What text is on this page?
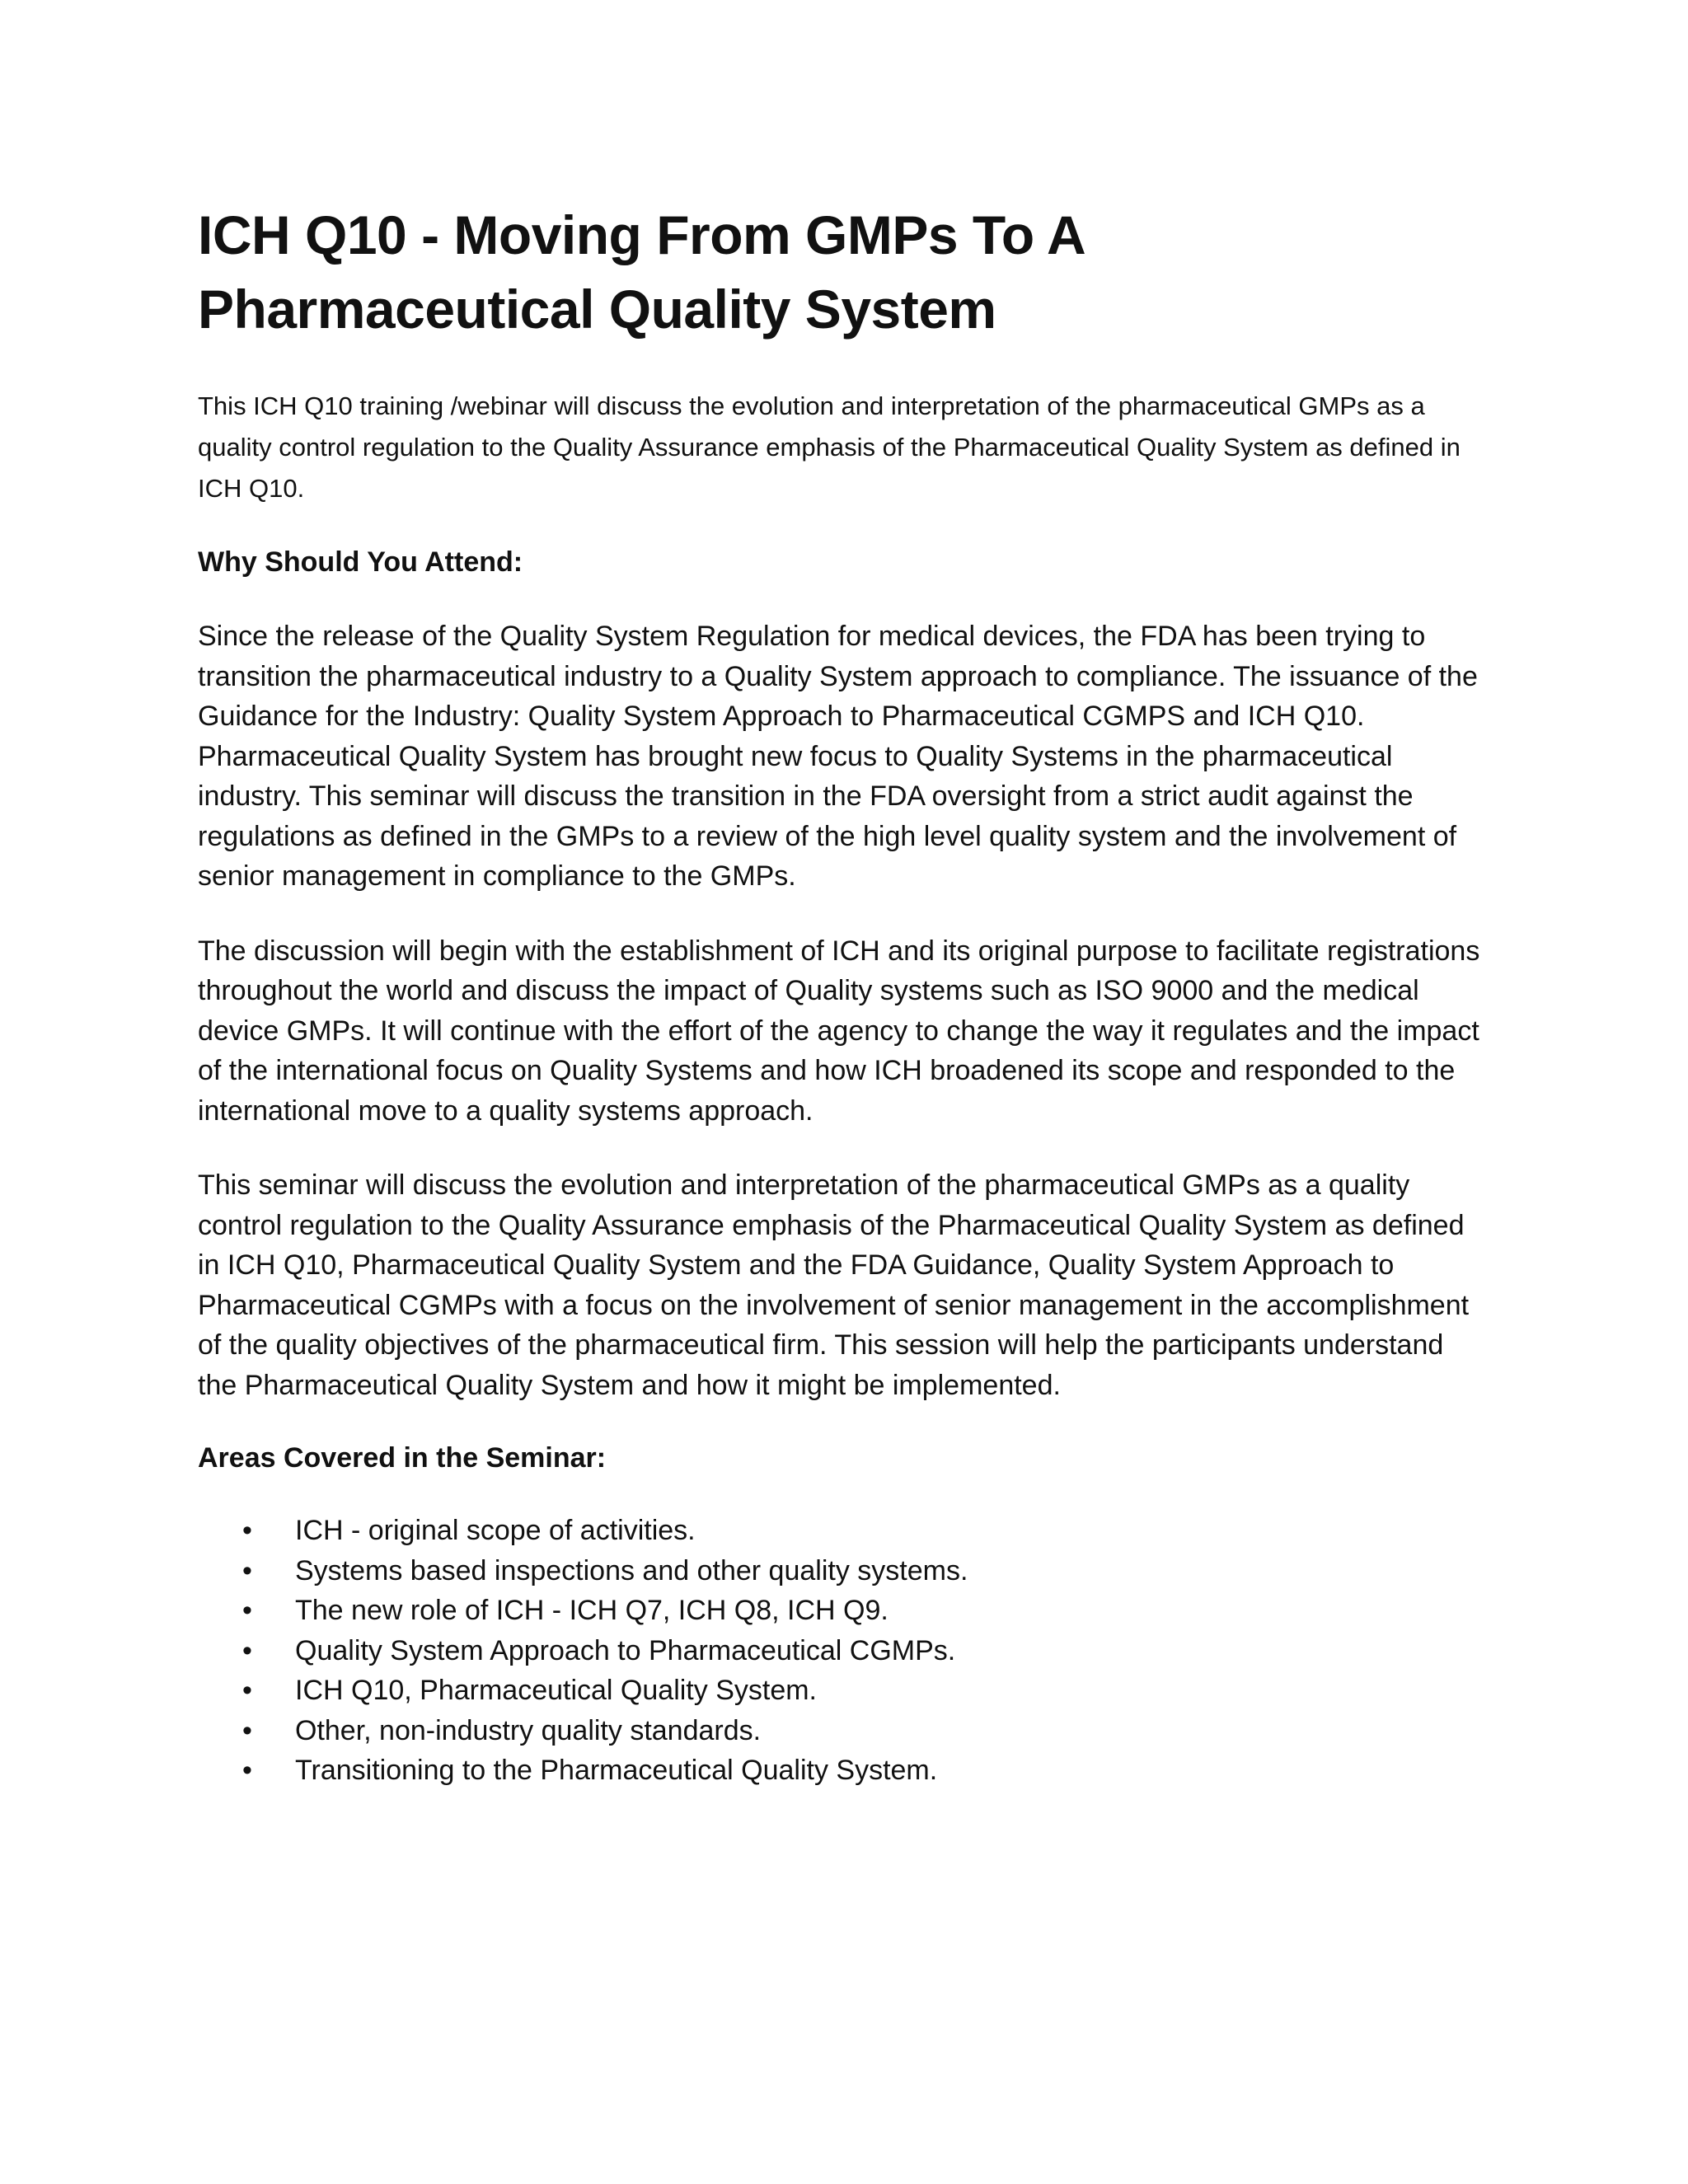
ICH Q10 - Moving From GMPs To A Pharmaceutical Quality System

This ICH Q10 training /webinar will discuss the evolution and interpretation of the pharmaceutical GMPs as a quality control regulation to the Quality Assurance emphasis of the Pharmaceutical Quality System as defined in ICH Q10.

Why Should You Attend:

Since the release of the Quality System Regulation for medical devices, the FDA has been trying to transition the pharmaceutical industry to a Quality System approach to compliance. The issuance of the Guidance for the Industry: Quality System Approach to Pharmaceutical CGMPS and ICH Q10. Pharmaceutical Quality System has brought new focus to Quality Systems in the pharmaceutical industry. This seminar will discuss the transition in the FDA oversight from a strict audit against the regulations as defined in the GMPs to a review of the high level quality system and the involvement of senior management in compliance to the GMPs.

The discussion will begin with the establishment of ICH and its original purpose to facilitate registrations throughout the world and discuss the impact of Quality systems such as ISO 9000 and the medical device GMPs. It will continue with the effort of the agency to change the way it regulates and the impact of the international focus on Quality Systems and how ICH broadened its scope and responded to the international move to a quality systems approach.

This seminar will discuss the evolution and interpretation of the pharmaceutical GMPs as a quality control regulation to the Quality Assurance emphasis of the Pharmaceutical Quality System as defined in ICH Q10, Pharmaceutical Quality System and the FDA Guidance, Quality System Approach to Pharmaceutical CGMPs with a focus on the involvement of senior management in the accomplishment of the quality objectives of the pharmaceutical firm. This session will help the participants understand the Pharmaceutical Quality System and how it might be implemented.

Areas Covered in the Seminar:

• ICH - original scope of activities.
• Systems based inspections and other quality systems.
• The new role of ICH - ICH Q7, ICH Q8, ICH Q9.
• Quality System Approach to Pharmaceutical CGMPs.
• ICH Q10, Pharmaceutical Quality System.
• Other, non-industry quality standards.
• Transitioning to the Pharmaceutical Quality System.
